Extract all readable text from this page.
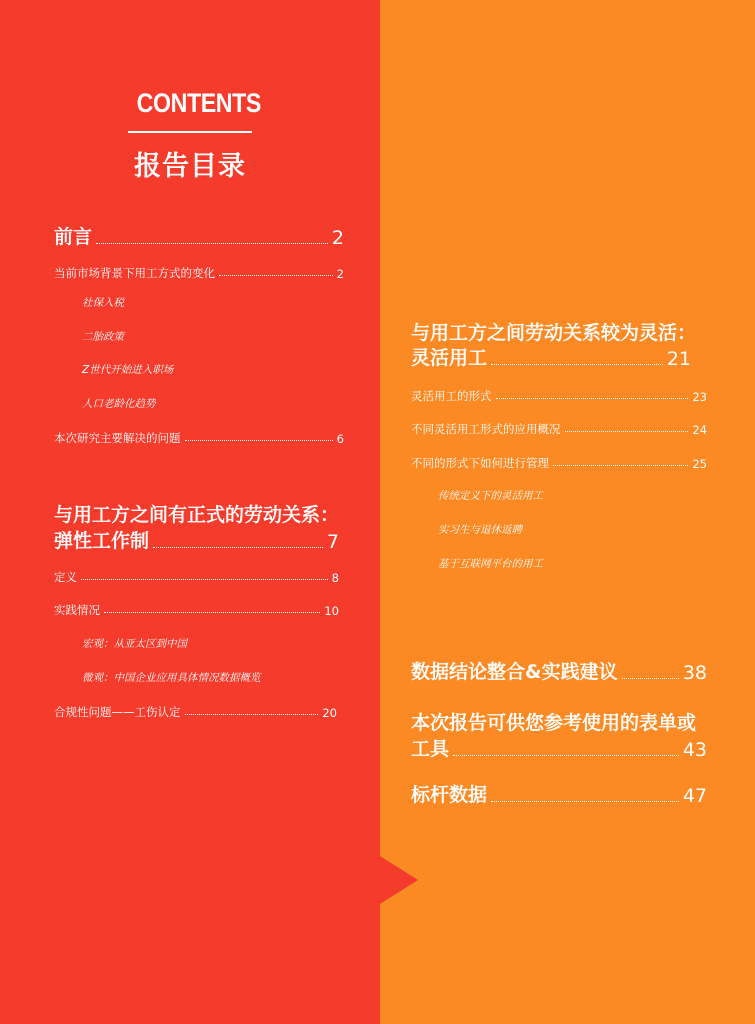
CONTENTS
报告目录
前言	2
当前市场背景下用工方式的变化	2
社保入税
二胎政策
Z世代开始进入职场
人口老龄化趋势
本次研究主要解决的问题	6
与用工方之间有正式的劳动关系：
弹性工作制	7
定义	8
实践情况	10
宏观：从亚太区到中国
微观：中国企业应用具体情况数据概览
合规性问题——工伤认定	20
与用工方之间劳动关系较为灵活：
灵活用工	21
灵活用工的形式	23
不同灵活用工形式的应用概况	24
不同的形式下如何进行管理	25
传统定义下的灵活用工
实习生与退休返聘
基于互联网平台的用工
数据结论整合&实践建议	38
本次报告可供您参考使用的表单或
工具	43
标杆数据	47
